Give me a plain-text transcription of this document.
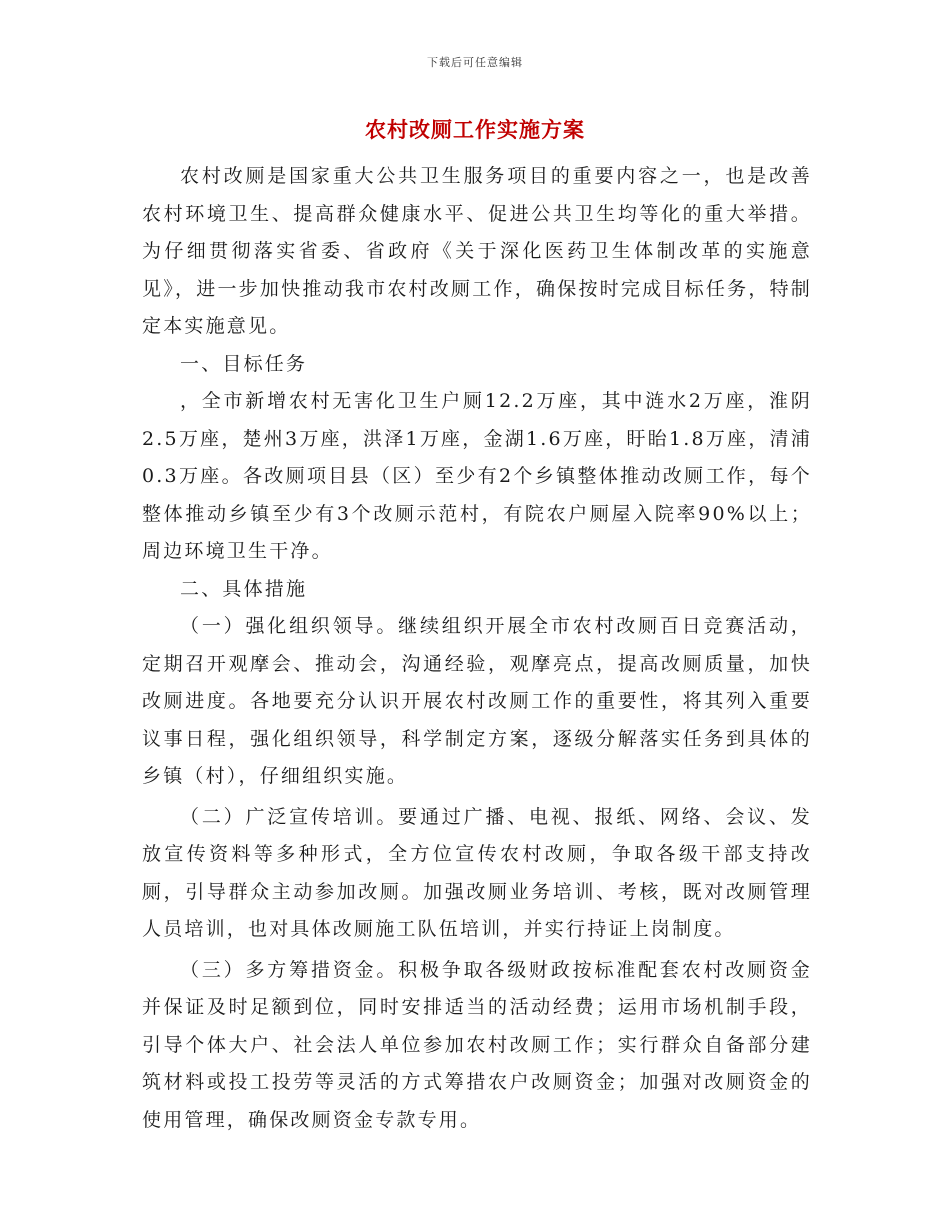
下载后可任意编辑
农村改厕工作实施方案

农村改厕是国家重大公共卫生服务项目的重要内容之一，也是改善农村环境卫生、提高群众健康水平、促进公共卫生均等化的重大举措。为仔细贯彻落实省委、省政府《关于深化医药卫生体制改革的实施意见》，进一步加快推动我市农村改厕工作，确保按时完成目标任务，特制定本实施意见。

一、目标任务

，全市新增农村无害化卫生户厕12.2万座，其中涟水2万座，淮阴2.5万座，楚州3万座，洪泽1万座，金湖1.6万座，盱眙1.8万座，清浦0.3万座。各改厕项目县（区）至少有2个乡镇整体推动改厕工作，每个整体推动乡镇至少有3个改厕示范村，有院农户厕屋入院率90%以上；周边环境卫生干净。

二、具体措施

（一）强化组织领导。继续组织开展全市农村改厕百日竞赛活动，定期召开观摩会、推动会，沟通经验，观摩亮点，提高改厕质量，加快改厕进度。各地要充分认识开展农村改厕工作的重要性，将其列入重要议事日程，强化组织领导，科学制定方案，逐级分解落实任务到具体的乡镇（村），仔细组织实施。

（二）广泛宣传培训。要通过广播、电视、报纸、网络、会议、发放宣传资料等多种形式，全方位宣传农村改厕，争取各级干部支持改厕，引导群众主动参加改厕。加强改厕业务培训、考核，既对改厕管理人员培训，也对具体改厕施工队伍培训，并实行持证上岗制度。

（三）多方筹措资金。积极争取各级财政按标准配套农村改厕资金并保证及时足额到位，同时安排适当的活动经费；运用市场机制手段，引导个体大户、社会法人单位参加农村改厕工作；实行群众自备部分建筑材料或投工投劳等灵活的方式筹措农户改厕资金；加强对改厕资金的使用管理，确保改厕资金专款专用。
